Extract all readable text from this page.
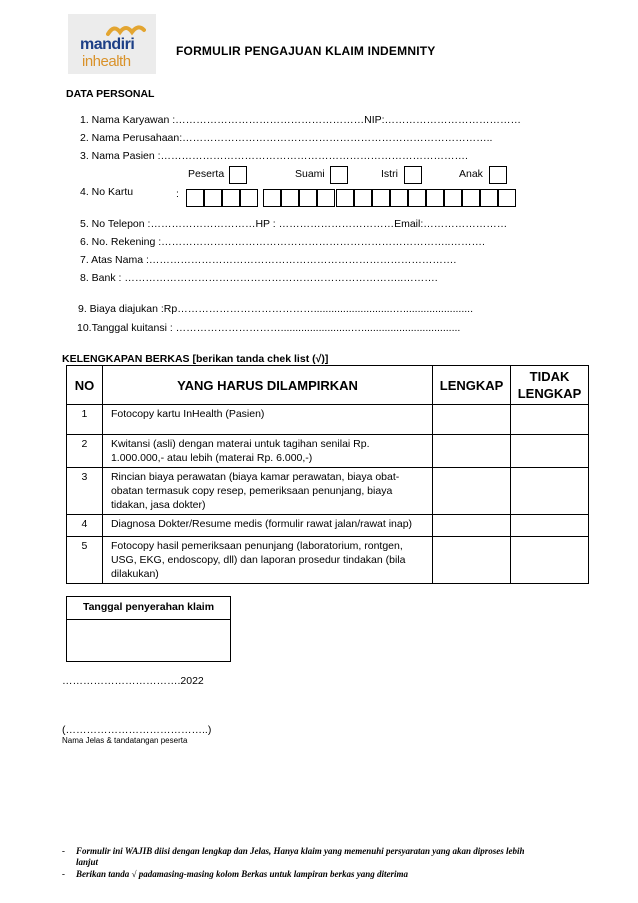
mandiri
inhealth
FORMULIR PENGAJUAN KLAIM INDEMNITY
DATA PERSONAL
1. Nama Karyawan :………………………………………………NIP:…………………………………
2. Nama Perusahaan:……………………………………………………………………………..
3. Nama Pasien :…………………………………………………………………………….
Peserta	Suami	Istri	Anak
4. No Kartu	:
5. No Telepon :…………………………HP : ……………………………Email:……………………
6. No. Rekening :………………………………………………………………………..……….
7. Atas Nama :…………………………………………………………………………….
8. Bank : ……………………………………………………………………..……….
9. Biaya diajukan :Rp…………………………………...........................…........................
10.Tanggal kuitansi : …………………………........................…..................................
KELENGKAPAN BERKAS [berikan tanda chek list (√)]
NO	YANG HARUS DILAMPIRKAN	LENGKAP	TIDAK
LENGKAP
1	Fotocopy kartu InHealth (Pasien)		

2	Kwitansi (asli) dengan materai untuk tagihan senilai Rp.
1.000.000,- atau lebih (materai Rp. 6.000,-)		

3	Rincian biaya perawatan (biaya kamar perawatan, biaya obat-
obatan termasuk copy resep, pemeriksaan penunjang, biaya
tidakan, jasa dokter)		

4	Diagnosa Dokter/Resume medis (formulir rawat jalan/rawat inap)		

5	Fotocopy hasil pemeriksaan penunjang (laboratorium, rontgen,
USG, EKG, endoscopy, dll) dan laporan prosedur tindakan (bila
dilakukan)		

Tanggal penyerahan klaim
…………………………….2022
(…………………………………..)
Nama Jelas & tandatangan peserta
- Formulir ini WAJIB diisi dengan lengkap dan Jelas, Hanya klaim yang memenuhi persyaratan yang akan diproses lebih
lanjut
- Berikan tanda √ padamasing-masing kolom Berkas untuk lampiran berkas yang diterima
